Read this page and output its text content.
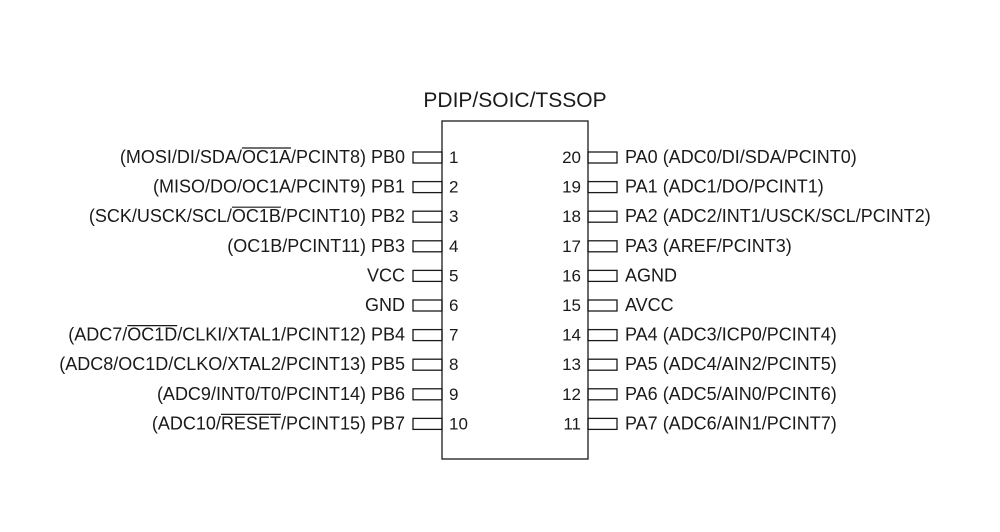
PDIP/SOIC/TSSOP
1
(MOSI/DI/SDA/OC1A/PCINT8) PB0
2
(MISO/DO/OC1A/PCINT9) PB1
3
(SCK/USCK/SCL/OC1B/PCINT10) PB2
4
(OC1B/PCINT11) PB3
5
VCC
6
GND
7
(ADC7/OC1D/CLKI/XTAL1/PCINT12) PB4
8
(ADC8/OC1D/CLKO/XTAL2/PCINT13) PB5
9
(ADC9/INT0/T0/PCINT14) PB6
10
(ADC10/RESET/PCINT15) PB7
20 PA0 (ADC0/DI/SDA/PCINT0)
19 PA1 (ADC1/DO/PCINT1)
18 PA2 (ADC2/INT1/USCK/SCL/PCINT2)
17 PA3 (AREF/PCINT3)
16 AGND
15 AVCC
14 PA4 (ADC3/ICP0/PCINT4)
13 PA5 (ADC4/AIN2/PCINT5)
12 PA6 (ADC5/AIN0/PCINT6)
11 PA7 (ADC6/AIN1/PCINT7)
